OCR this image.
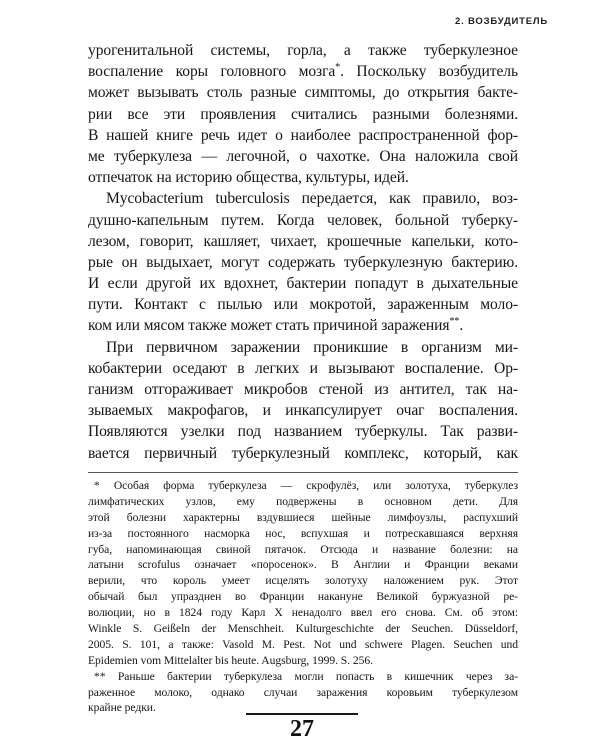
2. ВОЗБУДИТЕЛЬ
урогенитальной системы, горла, а также туберкулезное
воспаление коры головного мозга*. Поскольку возбудитель
может вызывать столь разные симптомы, до открытия бакте-
рии все эти проявления считались разными болезнями.
В нашей книге речь идет о наиболее распространенной фор-
ме туберкулеза — легочной, о чахотке. Она наложила свой
отпечаток на историю общества, культуры, идей.
Mycobacterium tuberculosis передается, как правило, воз-
душно-капельным путем. Когда человек, больной туберку-
лезом, говорит, кашляет, чихает, крошечные капельки, кото-
рые он выдыхает, могут содержать туберкулезную бактерию.
И если другой их вдохнет, бактерии попадут в дыхательные
пути. Контакт с пылью или мокротой, зараженным моло-
ком или мясом также может стать причиной заражения**.
При первичном заражении проникшие в организм ми-
кобактерии оседают в легких и вызывают воспаление. Ор-
ганизм отгораживает микробов стеной из антител, так на-
зываемых макрофагов, и инкапсулирует очаг воспаления.
Появляются узелки под названием туберкулы. Так разви-
вается первичный туберкулезный комплекс, который, как
* Особая форма туберкулеза — скрофулёз, или золотуха, туберкулез
лимфатических узлов, ему подвержены в основном дети. Для
этой болезни характерны вздувшиеся шейные лимфоузлы, распухший
из-за постоянного насморка нос, вспухшая и потрескавшаяся верхняя
губа, напоминающая свиной пятачок. Отсюда и название болезни: на
латыни scrofulus означает «поросенок». В Англии и Франции веками
верили, что король умеет исцелять золотуху наложением рук. Этот
обычай был упразднен во Франции накануне Великой буржуазной ре-
волюции, но в 1824 году Карл X ненадолго ввел его снова. См. об этом:
Winkle S. Geißeln der Menschheit. Kulturgeschichte der Seuchen. Düsseldorf,
2005. S. 101, а также: Vasold M. Pest. Not und schwere Plagen. Seuchen und
Epidemien vom Mittelalter bis heute. Augsburg, 1999. S. 256.
** Раньше бактерии туберкулеза могли попасть в кишечник через за-
раженное молоко, однако случаи заражения коровьим туберкулезом
крайне редки.
27
